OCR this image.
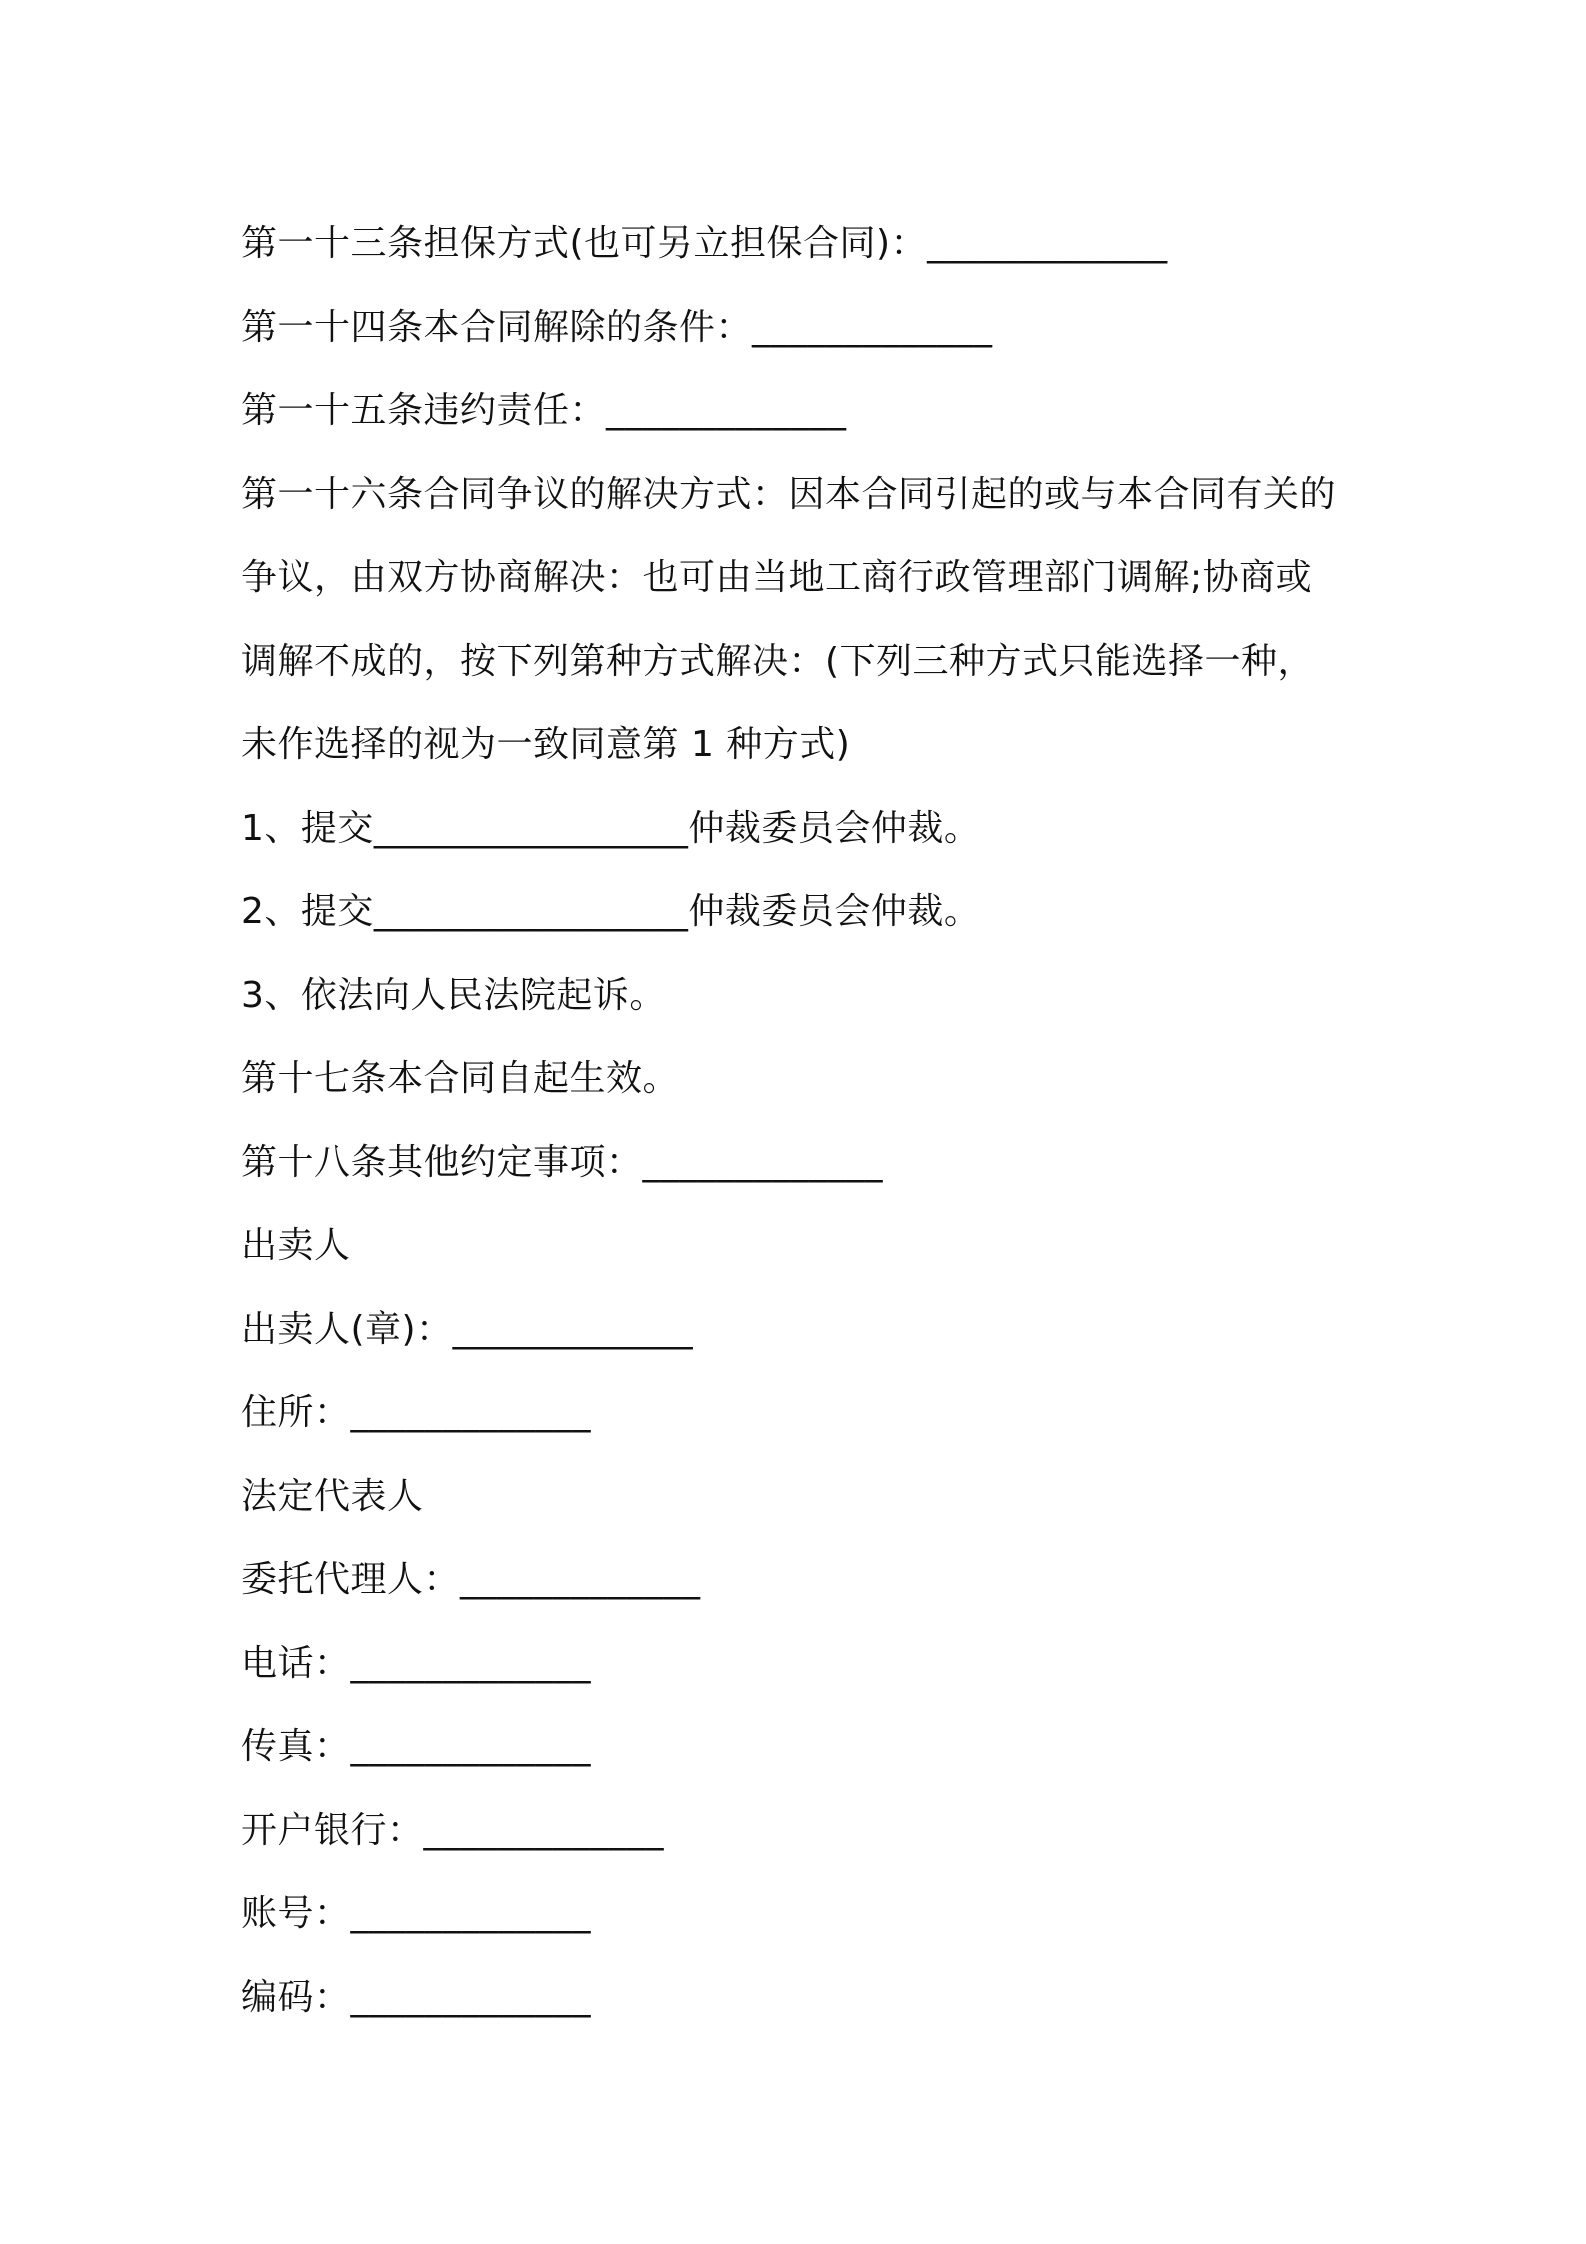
第一十三条担保方式(也可另立担保合同)：_____________
第一十四条本合同解除的条件：_____________
第一十五条违约责任：_____________
第一十六条合同争议的解决方式：因本合同引起的或与本合同有关的
争议，由双方协商解决：也可由当地工商行政管理部门调解;协商或
调解不成的，按下列第种方式解决：(下列三种方式只能选择一种，
未作选择的视为一致同意第 1 种方式)
1、提交_________________仲裁委员会仲裁。
2、提交_________________仲裁委员会仲裁。
3、依法向人民法院起诉。
第十七条本合同自起生效。
第十八条其他约定事项：_____________
出卖人
出卖人(章)：_____________
住所：_____________
法定代表人
委托代理人：_____________
电话：_____________
传真：_____________
开户银行：_____________
账号：_____________
编码：_____________
